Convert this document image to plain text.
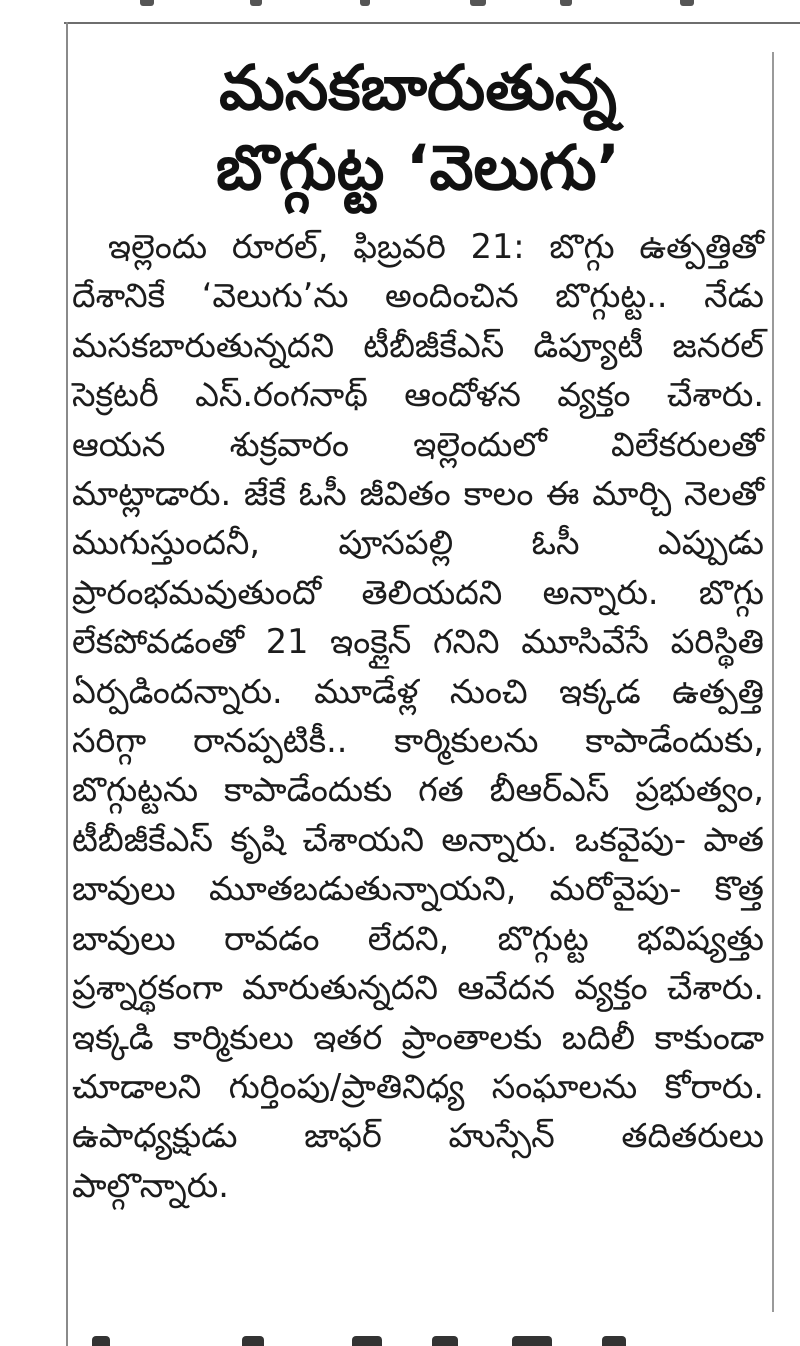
మసకబారుతున్న
బొగ్గుట్ట ‘వెలుగు’

ఇల్లెందు రూరల్, ఫిబ్రవరి 21: బొగ్గు ఉత్పత్తితో దేశానికే ‘వెలుగు’ను అందించిన బొగ్గుట్ట.. నేడు మసకబారుతున్నదని టీబీజీకేఎస్ డిప్యూటీ జనరల్ సెక్రటరీ ఎస్.రంగనాథ్ ఆందోళన వ్యక్తం చేశారు. ఆయన శుక్రవారం ఇల్లెందులో విలేకరులతో మాట్లాడారు. జేకే ఓసీ జీవితం కాలం ఈ మార్చి నెలతో ముగుస్తుందనీ, పూసపల్లి ఓసీ ఎప్పుడు ప్రారంభమవుతుందో తెలియదని అన్నారు. బొగ్గు లేకపోవడంతో 21 ఇంక్లైన్ గనిని మూసివేసే పరిస్థితి ఏర్పడిందన్నారు. మూడేళ్ల నుంచి ఇక్కడ ఉత్పత్తి సరిగ్గా రానప్పటికీ.. కార్మికులను కాపాడేందుకు, బొగ్గుట్టను కాపాడేందుకు గత బీఆర్ఎస్ ప్రభుత్వం, టీబీజీకేఎస్ కృషి చేశాయని అన్నారు. ఒకవైపు- పాత బావులు మూతబడుతున్నాయని, మరోవైపు- కొత్త బావులు రావడం లేదని, బొగ్గుట్ట భవిష్యత్తు ప్రశ్నార్థకంగా మారుతున్నదని ఆవేదన వ్యక్తం చేశారు. ఇక్కడి కార్మికులు ఇతర ప్రాంతాలకు బదిలీ కాకుండా చూడాలని గుర్తింపు/ప్రాతినిధ్య సంఘాలను కోరారు. ఉపాధ్యక్షుడు జాఫర్ హుస్సేన్ తదితరులు పాల్గొన్నారు.
